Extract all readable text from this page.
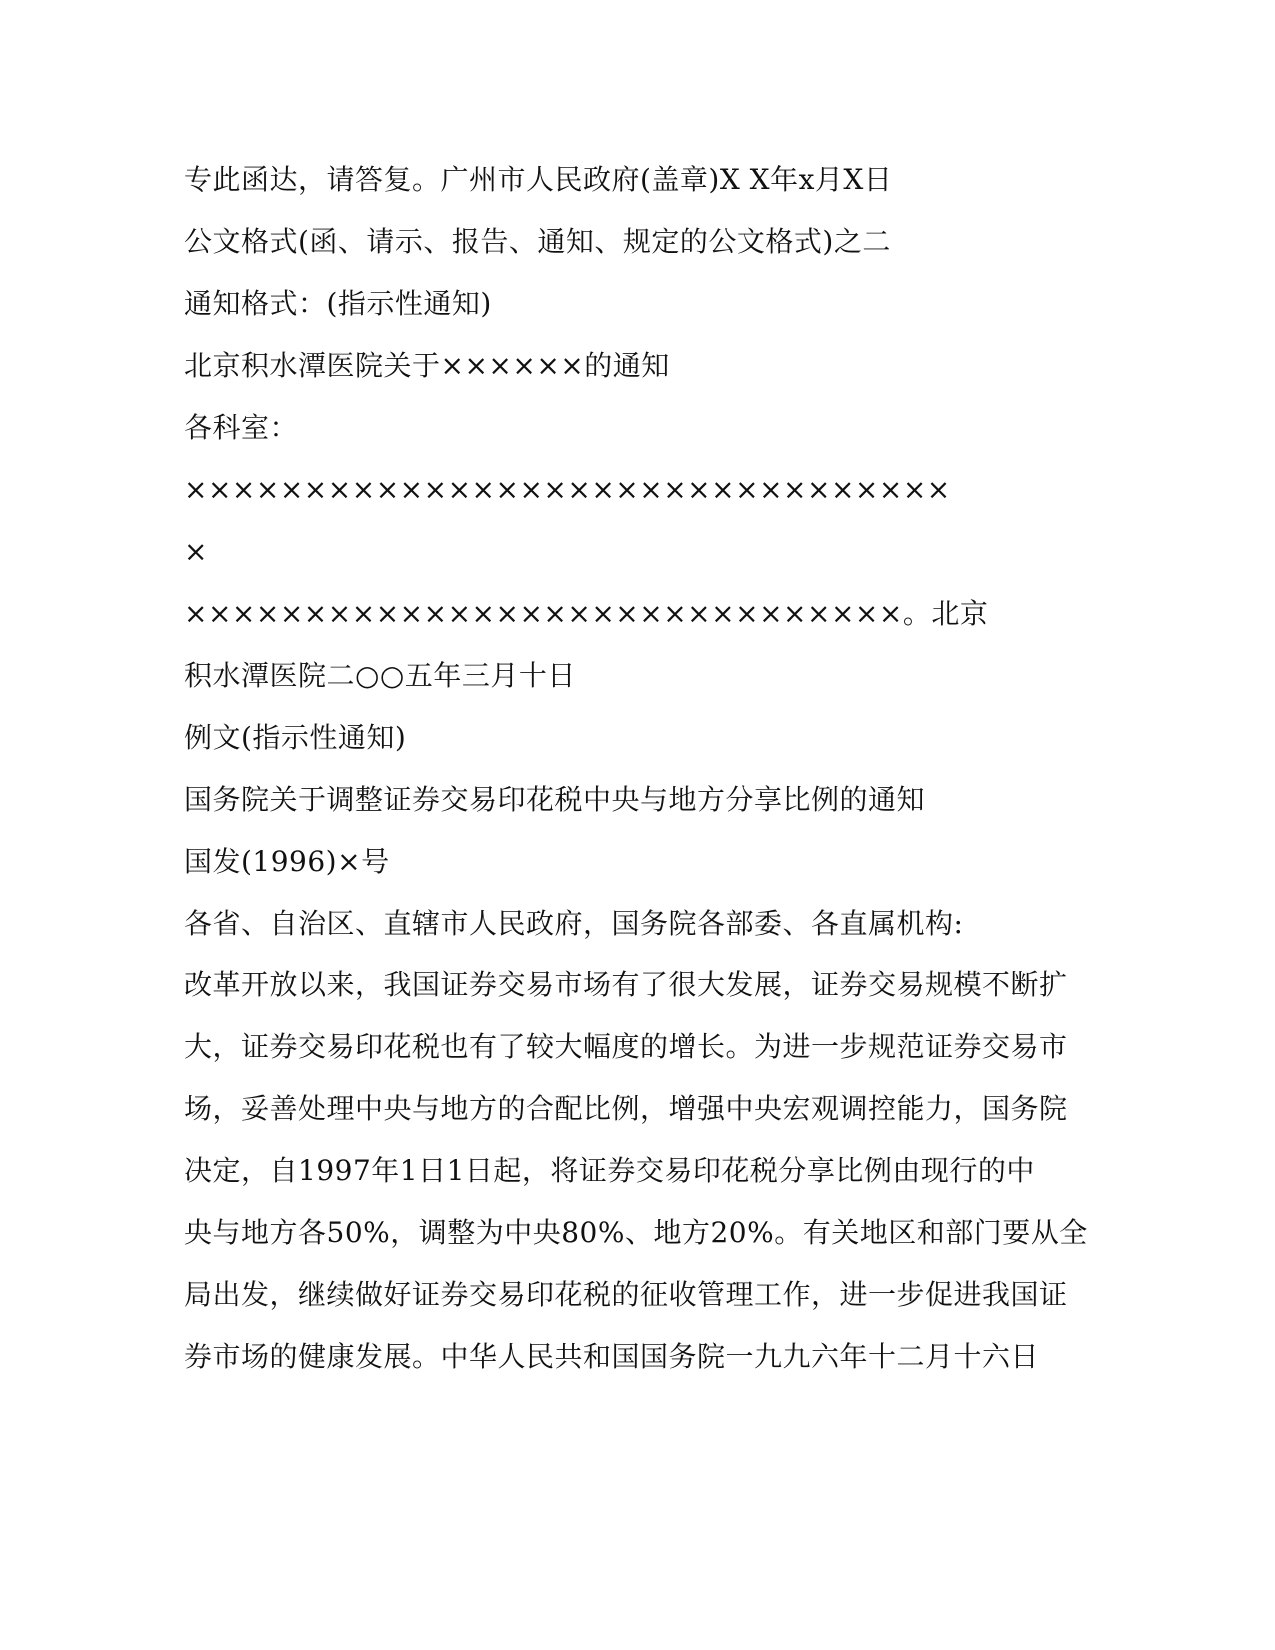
专此函达，请答复。广州市人民政府(盖章)X X年x月X日
公文格式(函、请示、报告、通知、规定的公文格式)之二
通知格式：(指示性通知)
北京积水潭医院关于××××××的通知
各科室：
××××××××××××××××××××××××××××××××
×
××××××××××××××××××××××××××××××。北京
积水潭医院二○○五年三月十日
例文(指示性通知)
国务院关于调整证券交易印花税中央与地方分享比例的通知
国发(1996)×号
各省、自治区、直辖市人民政府，国务院各部委、各直属机构:
改革开放以来，我国证券交易市场有了很大发展，证券交易规模不断扩
大，证券交易印花税也有了较大幅度的增长。为进一步规范证券交易市
场，妥善处理中央与地方的合配比例，增强中央宏观调控能力，国务院
决定，自1997年1日1日起，将证券交易印花税分享比例由现行的中
央与地方各50%，调整为中央80%、地方20%。有关地区和部门要从全
局出发，继续做好证券交易印花税的征收管理工作，进一步促进我国证
券市场的健康发展。中华人民共和国国务院一九九六年十二月十六日
